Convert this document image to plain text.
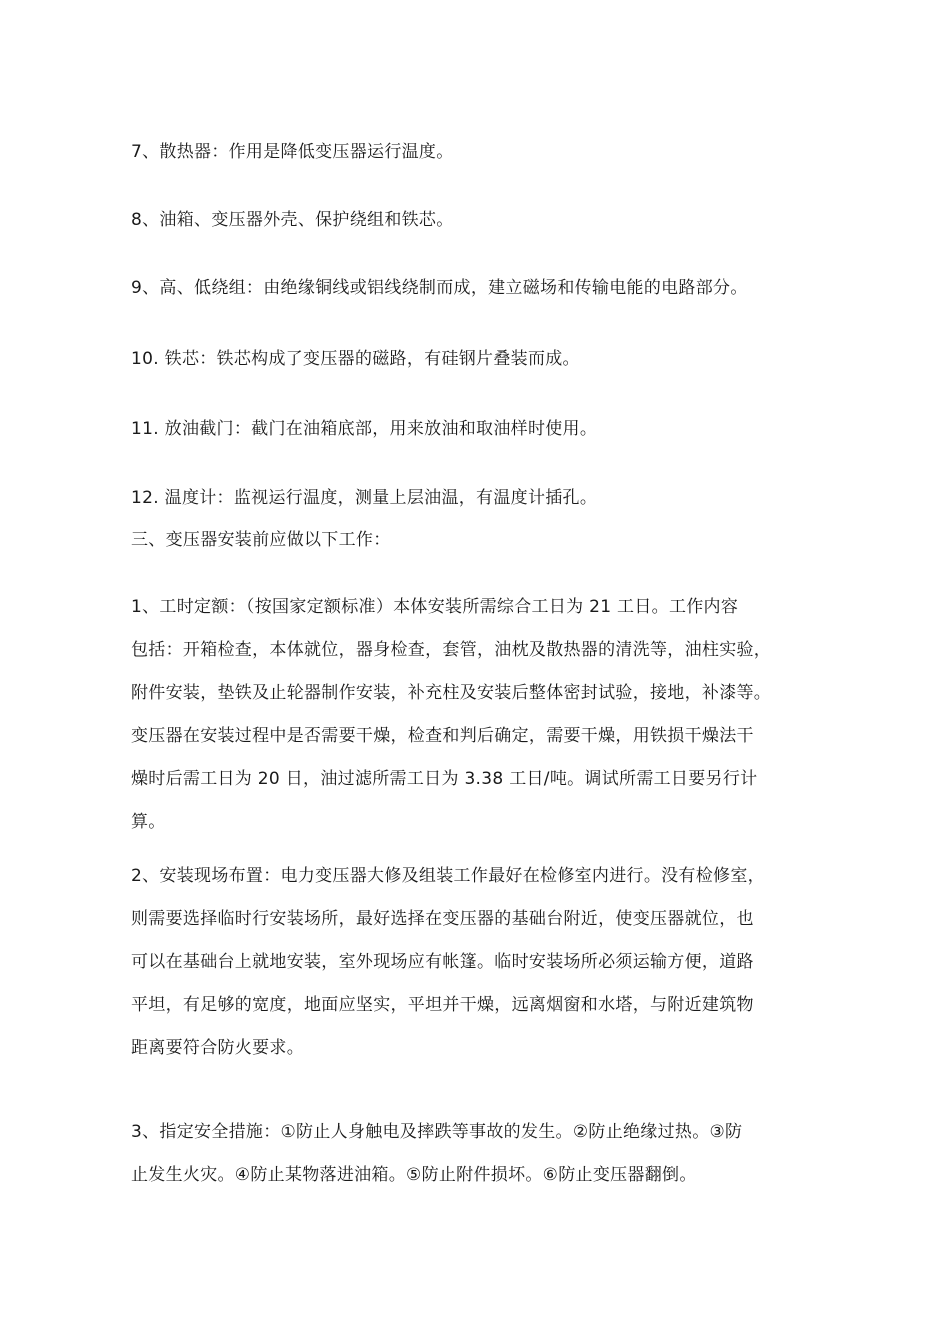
7、散热器：作用是降低变压器运行温度。
8、油箱、变压器外壳、保护绕组和铁芯。
9、高、低绕组：由绝缘铜线或铝线绕制而成，建立磁场和传输电能的电路部分。
10. 铁芯：铁芯构成了变压器的磁路，有硅钢片叠装而成。
11. 放油截门：截门在油箱底部，用来放油和取油样时使用。
12. 温度计：监视运行温度，测量上层油温，有温度计插孔。
三、变压器安装前应做以下工作：
1、工时定额：（按国家定额标准）本体安装所需综合工日为 21 工日。工作内容
包括：开箱检查，本体就位，器身检查，套管，油枕及散热器的清洗等，油柱实验，
附件安装，垫铁及止轮器制作安装，补充柱及安装后整体密封试验，接地，补漆等。
变压器在安装过程中是否需要干燥，检查和判后确定，需要干燥，用铁损干燥法干
燥时后需工日为 20 日，油过滤所需工日为 3.38 工日/吨。调试所需工日要另行计
算。
2、安装现场布置：电力变压器大修及组装工作最好在检修室内进行。没有检修室，
则需要选择临时行安装场所，最好选择在变压器的基础台附近，使变压器就位，也
可以在基础台上就地安装，室外现场应有帐篷。临时安装场所必须运输方便，道路
平坦，有足够的宽度，地面应坚实，平坦并干燥，远离烟窗和水塔，与附近建筑物
距离要符合防火要求。
3、指定安全措施：①防止人身触电及摔跌等事故的发生。②防止绝缘过热。③防
止发生火灾。④防止某物落进油箱。⑤防止附件损坏。⑥防止变压器翻倒。
